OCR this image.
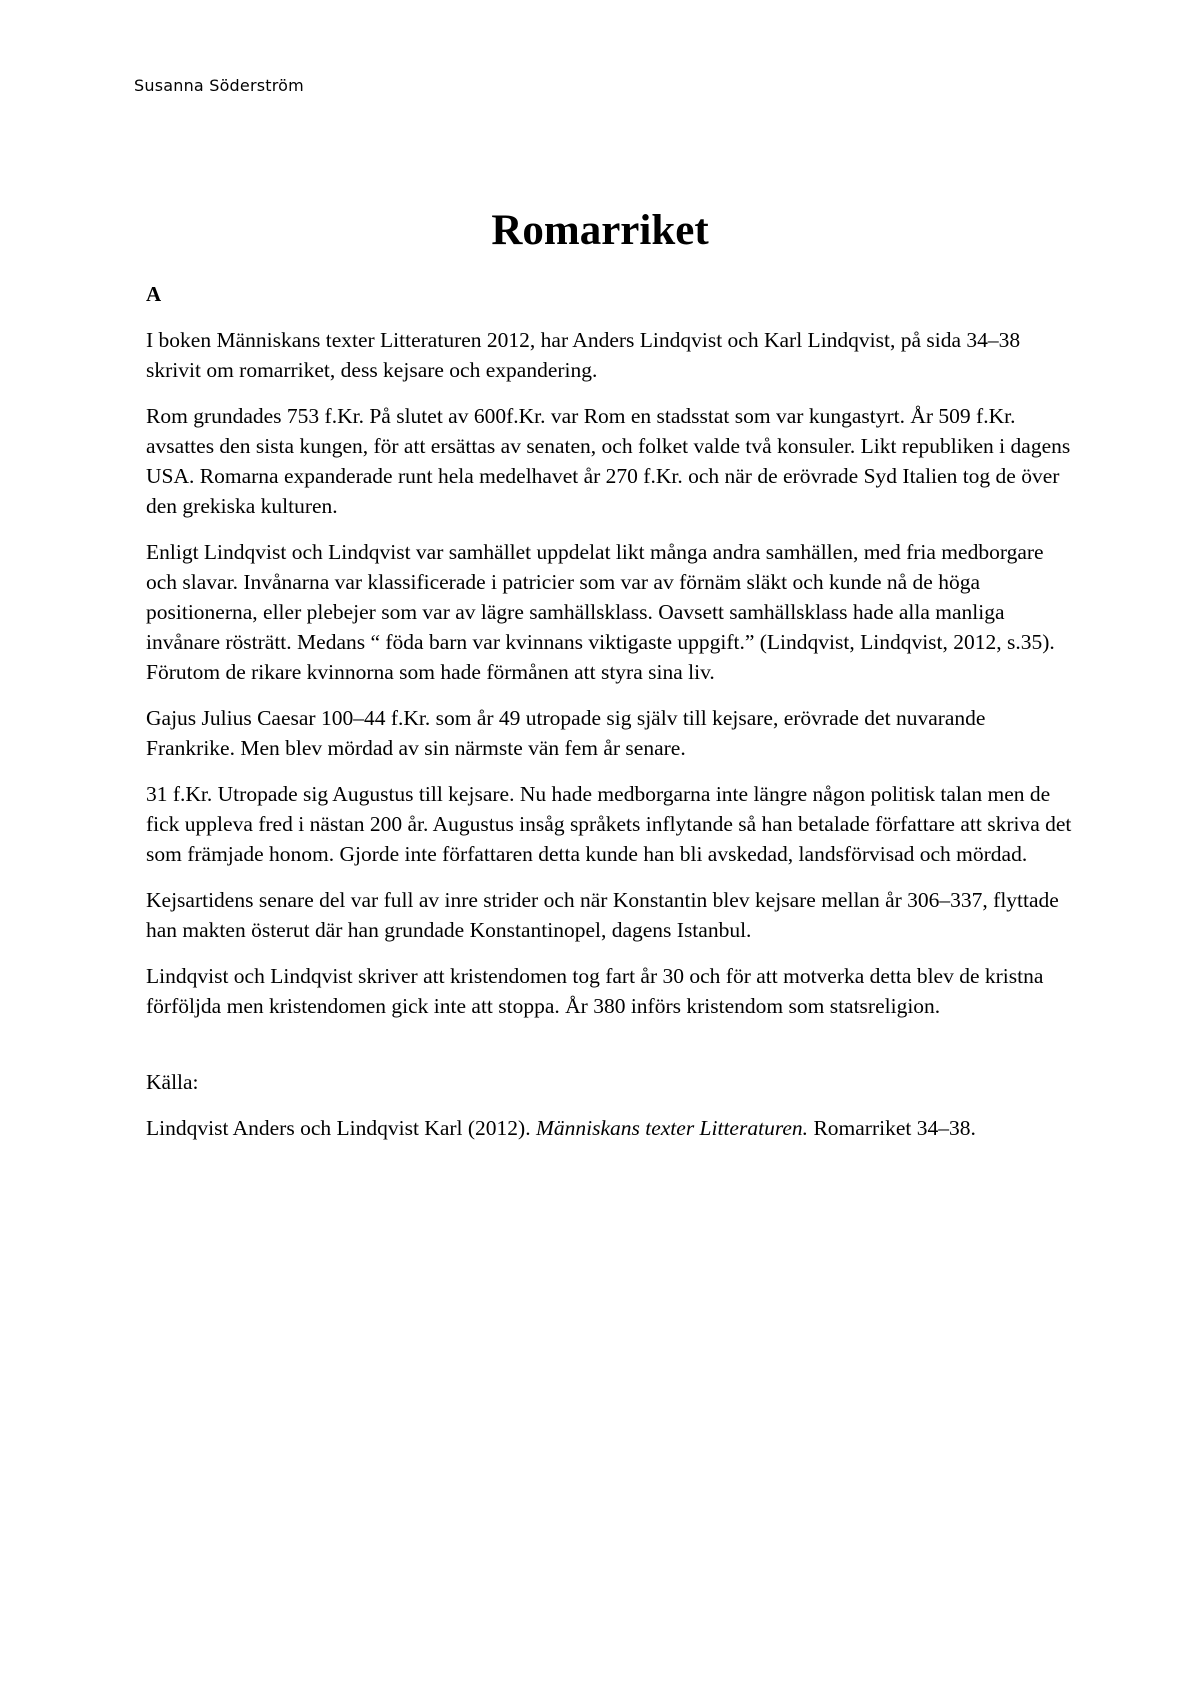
Susanna Söderström
Romarriket
A

I boken Människans texter Litteraturen 2012, har Anders Lindqvist och Karl Lindqvist, på sida 34–38 skrivit om romarriket, dess kejsare och expandering.

Rom grundades 753 f.Kr. På slutet av 600f.Kr. var Rom en stadsstat som var kungastyrt. År 509 f.Kr. avsattes den sista kungen, för att ersättas av senaten, och folket valde två konsuler. Likt republiken i dagens USA. Romarna expanderade runt hela medelhavet år 270 f.Kr. och när de erövrade Syd Italien tog de över den grekiska kulturen.

Enligt Lindqvist och Lindqvist var samhället uppdelat likt många andra samhällen, med fria medborgare och slavar. Invånarna var klassificerade i patricier som var av förnäm släkt och kunde nå de höga positionerna, eller plebejer som var av lägre samhällsklass. Oavsett samhällsklass hade alla manliga invånare rösträtt. Medans “ föda barn var kvinnans viktigaste uppgift.” (Lindqvist, Lindqvist, 2012, s.35). Förutom de rikare kvinnorna som hade förmånen att styra sina liv.

Gajus Julius Caesar 100–44 f.Kr. som år 49 utropade sig själv till kejsare, erövrade det nuvarande Frankrike. Men blev mördad av sin närmste vän fem år senare.

31 f.Kr. Utropade sig Augustus till kejsare. Nu hade medborgarna inte längre någon politisk talan men de fick uppleva fred i nästan 200 år. Augustus insåg språkets inflytande så han betalade författare att skriva det som främjade honom. Gjorde inte författaren detta kunde han bli avskedad, landsförvisad och mördad.

Kejsartidens senare del var full av inre strider och när Konstantin blev kejsare mellan år 306–337, flyttade han makten österut där han grundade Konstantinopel, dagens Istanbul.

Lindqvist och Lindqvist skriver att kristendomen tog fart år 30 och för att motverka detta blev de kristna förföljda men kristendomen gick inte att stoppa. År 380 införs kristendom som statsreligion.

Källa:

Lindqvist Anders och Lindqvist Karl (2012). Människans texter Litteraturen. Romarriket 34–38.
